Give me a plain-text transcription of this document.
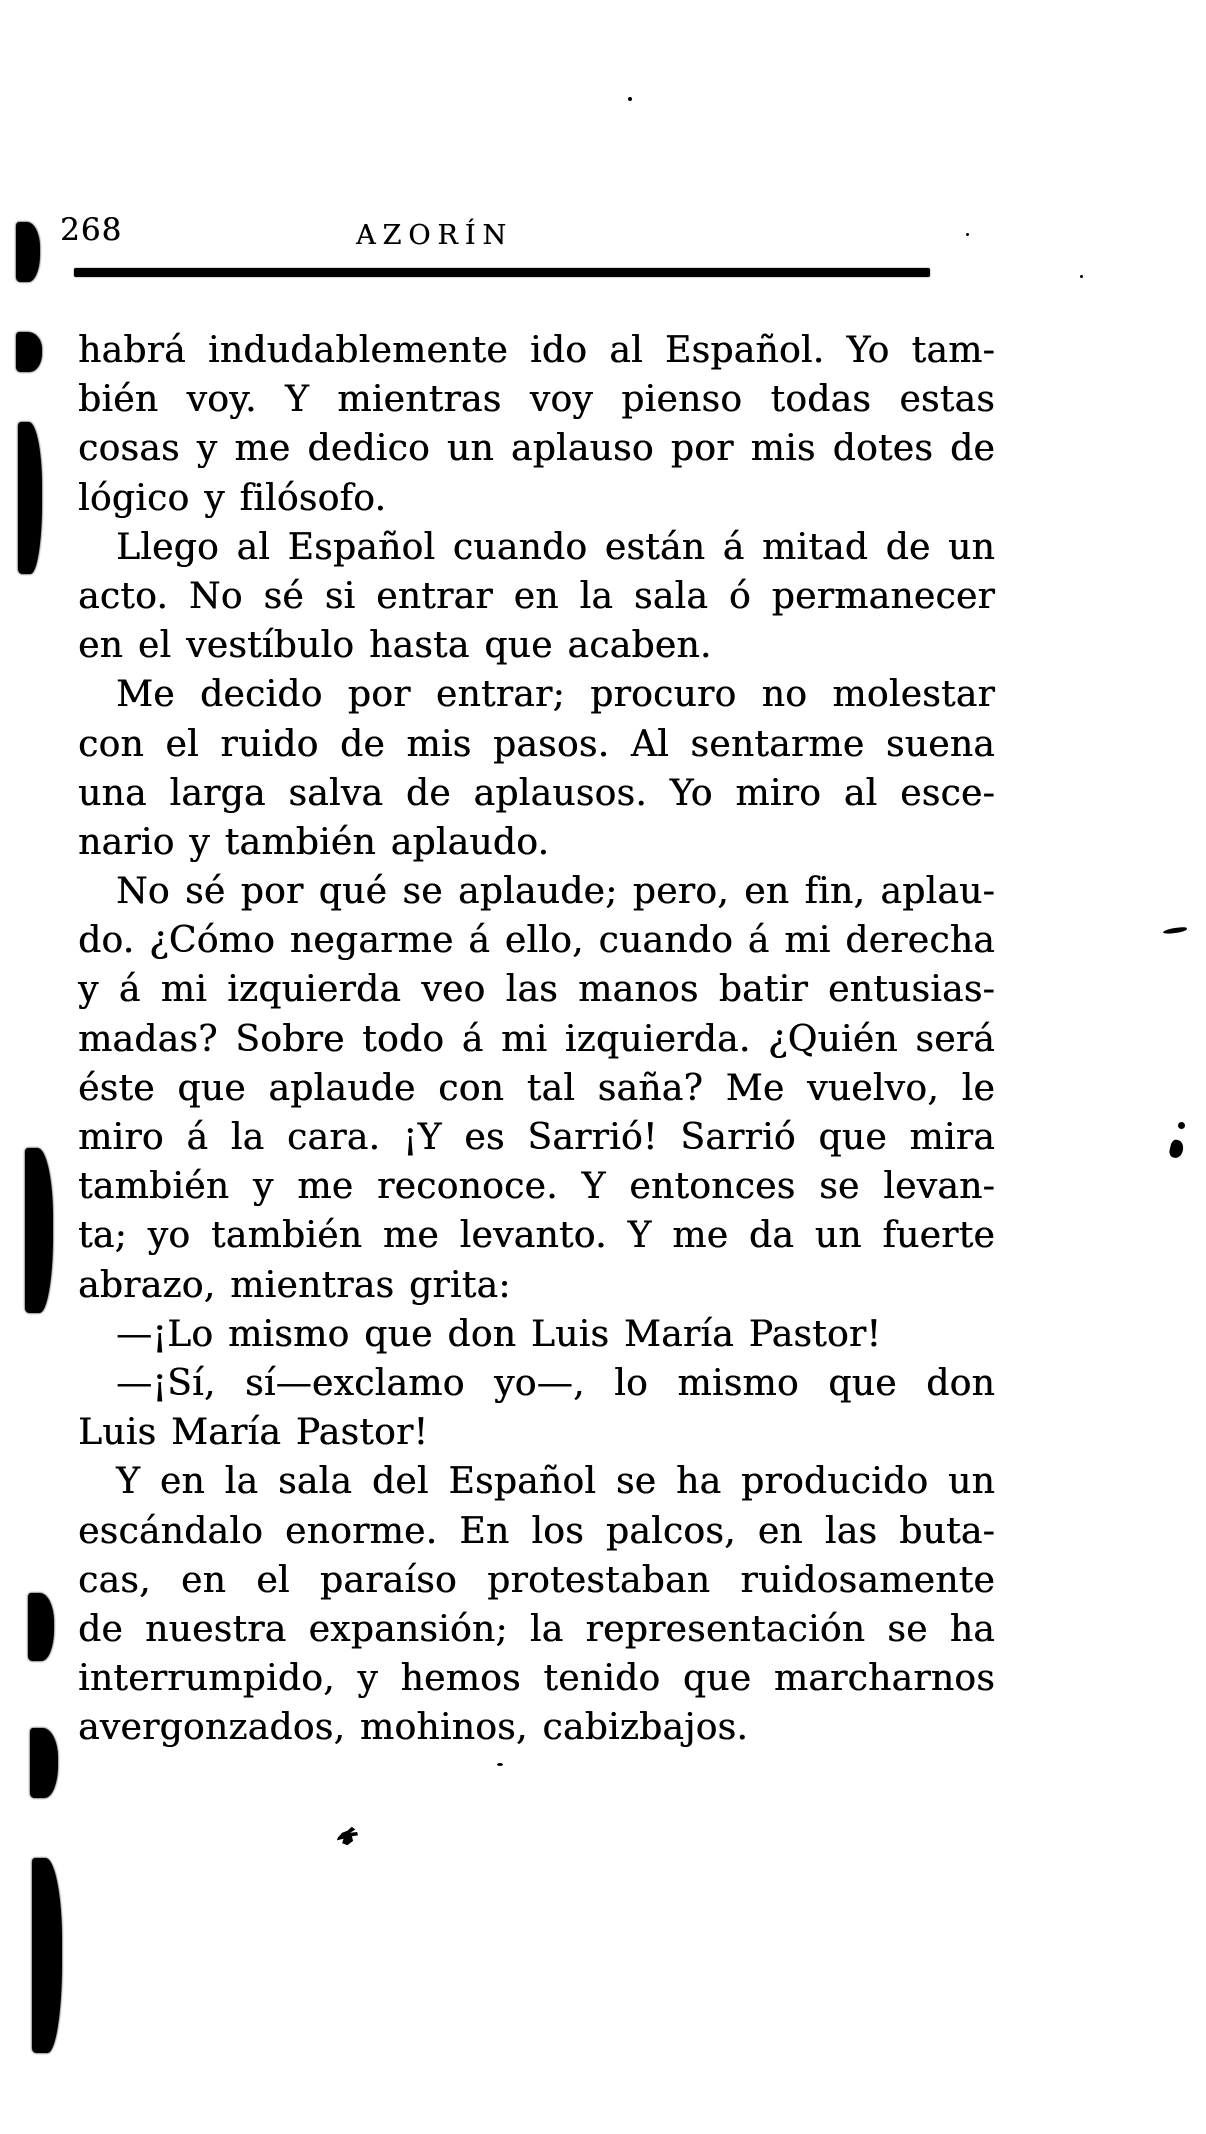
268	AZORÍN
habrá indudablemente ido al Español. Yo tam-
bién voy. Y mientras voy pienso todas estas
cosas y me dedico un aplauso por mis dotes de
lógico y filósofo.
Llego al Español cuando están á mitad de un
acto. No sé si entrar en la sala ó permanecer
en el vestíbulo hasta que acaben.
Me decido por entrar; procuro no molestar
con el ruido de mis pasos. Al sentarme suena
una larga salva de aplausos. Yo miro al esce-
nario y también aplaudo.
No sé por qué se aplaude; pero, en fin, aplau-
do. ¿Cómo negarme á ello, cuando á mi derecha
y á mi izquierda veo las manos batir entusias-
madas? Sobre todo á mi izquierda. ¿Quién será
éste que aplaude con tal saña? Me vuelvo, le
miro á la cara. ¡Y es Sarrió! Sarrió que mira
también y me reconoce. Y entonces se levan-
ta; yo también me levanto. Y me da un fuerte
abrazo, mientras grita:
—¡Lo mismo que don Luis María Pastor!
—¡Sí, sí—exclamo yo—, lo mismo que don
Luis María Pastor!
Y en la sala del Español se ha producido un
escándalo enorme. En los palcos, en las buta-
cas, en el paraíso protestaban ruidosamente
de nuestra expansión; la representación se ha
interrumpido, y hemos tenido que marcharnos
avergonzados, mohinos, cabizbajos.
